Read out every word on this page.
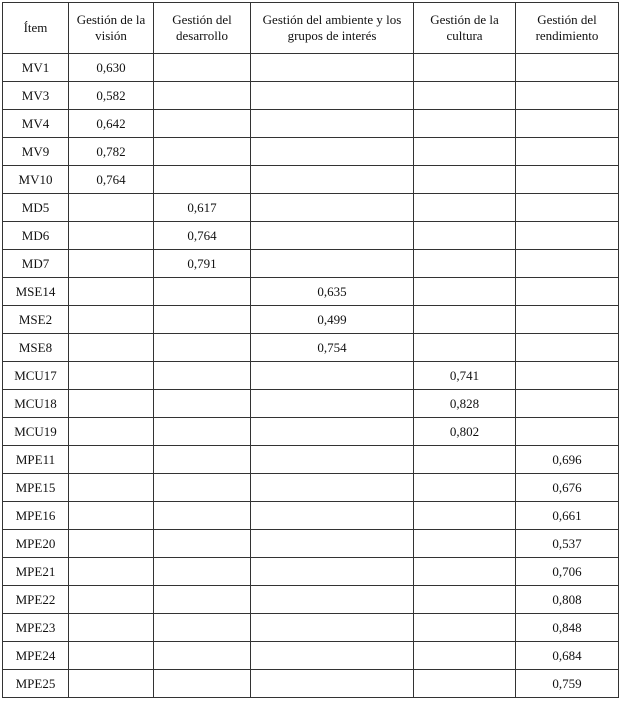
Ítem	Gestión de la visión	Gestión del desarrollo	Gestión del ambiente y los grupos de interés	Gestión de la cultura	Gestión del rendimiento
MV1	0,630				
MV3	0,582				
MV4	0,642				
MV9	0,782				
MV10	0,764				
MD5		0,617			
MD6		0,764			
MD7		0,791			
MSE14			0,635		
MSE2			0,499		
MSE8			0,754		
MCU17				0,741	
MCU18				0,828	
MCU19				0,802	
MPE11					0,696
MPE15					0,676
MPE16					0,661
MPE20					0,537
MPE21					0,706
MPE22					0,808
MPE23					0,848
MPE24					0,684
MPE25					0,759
